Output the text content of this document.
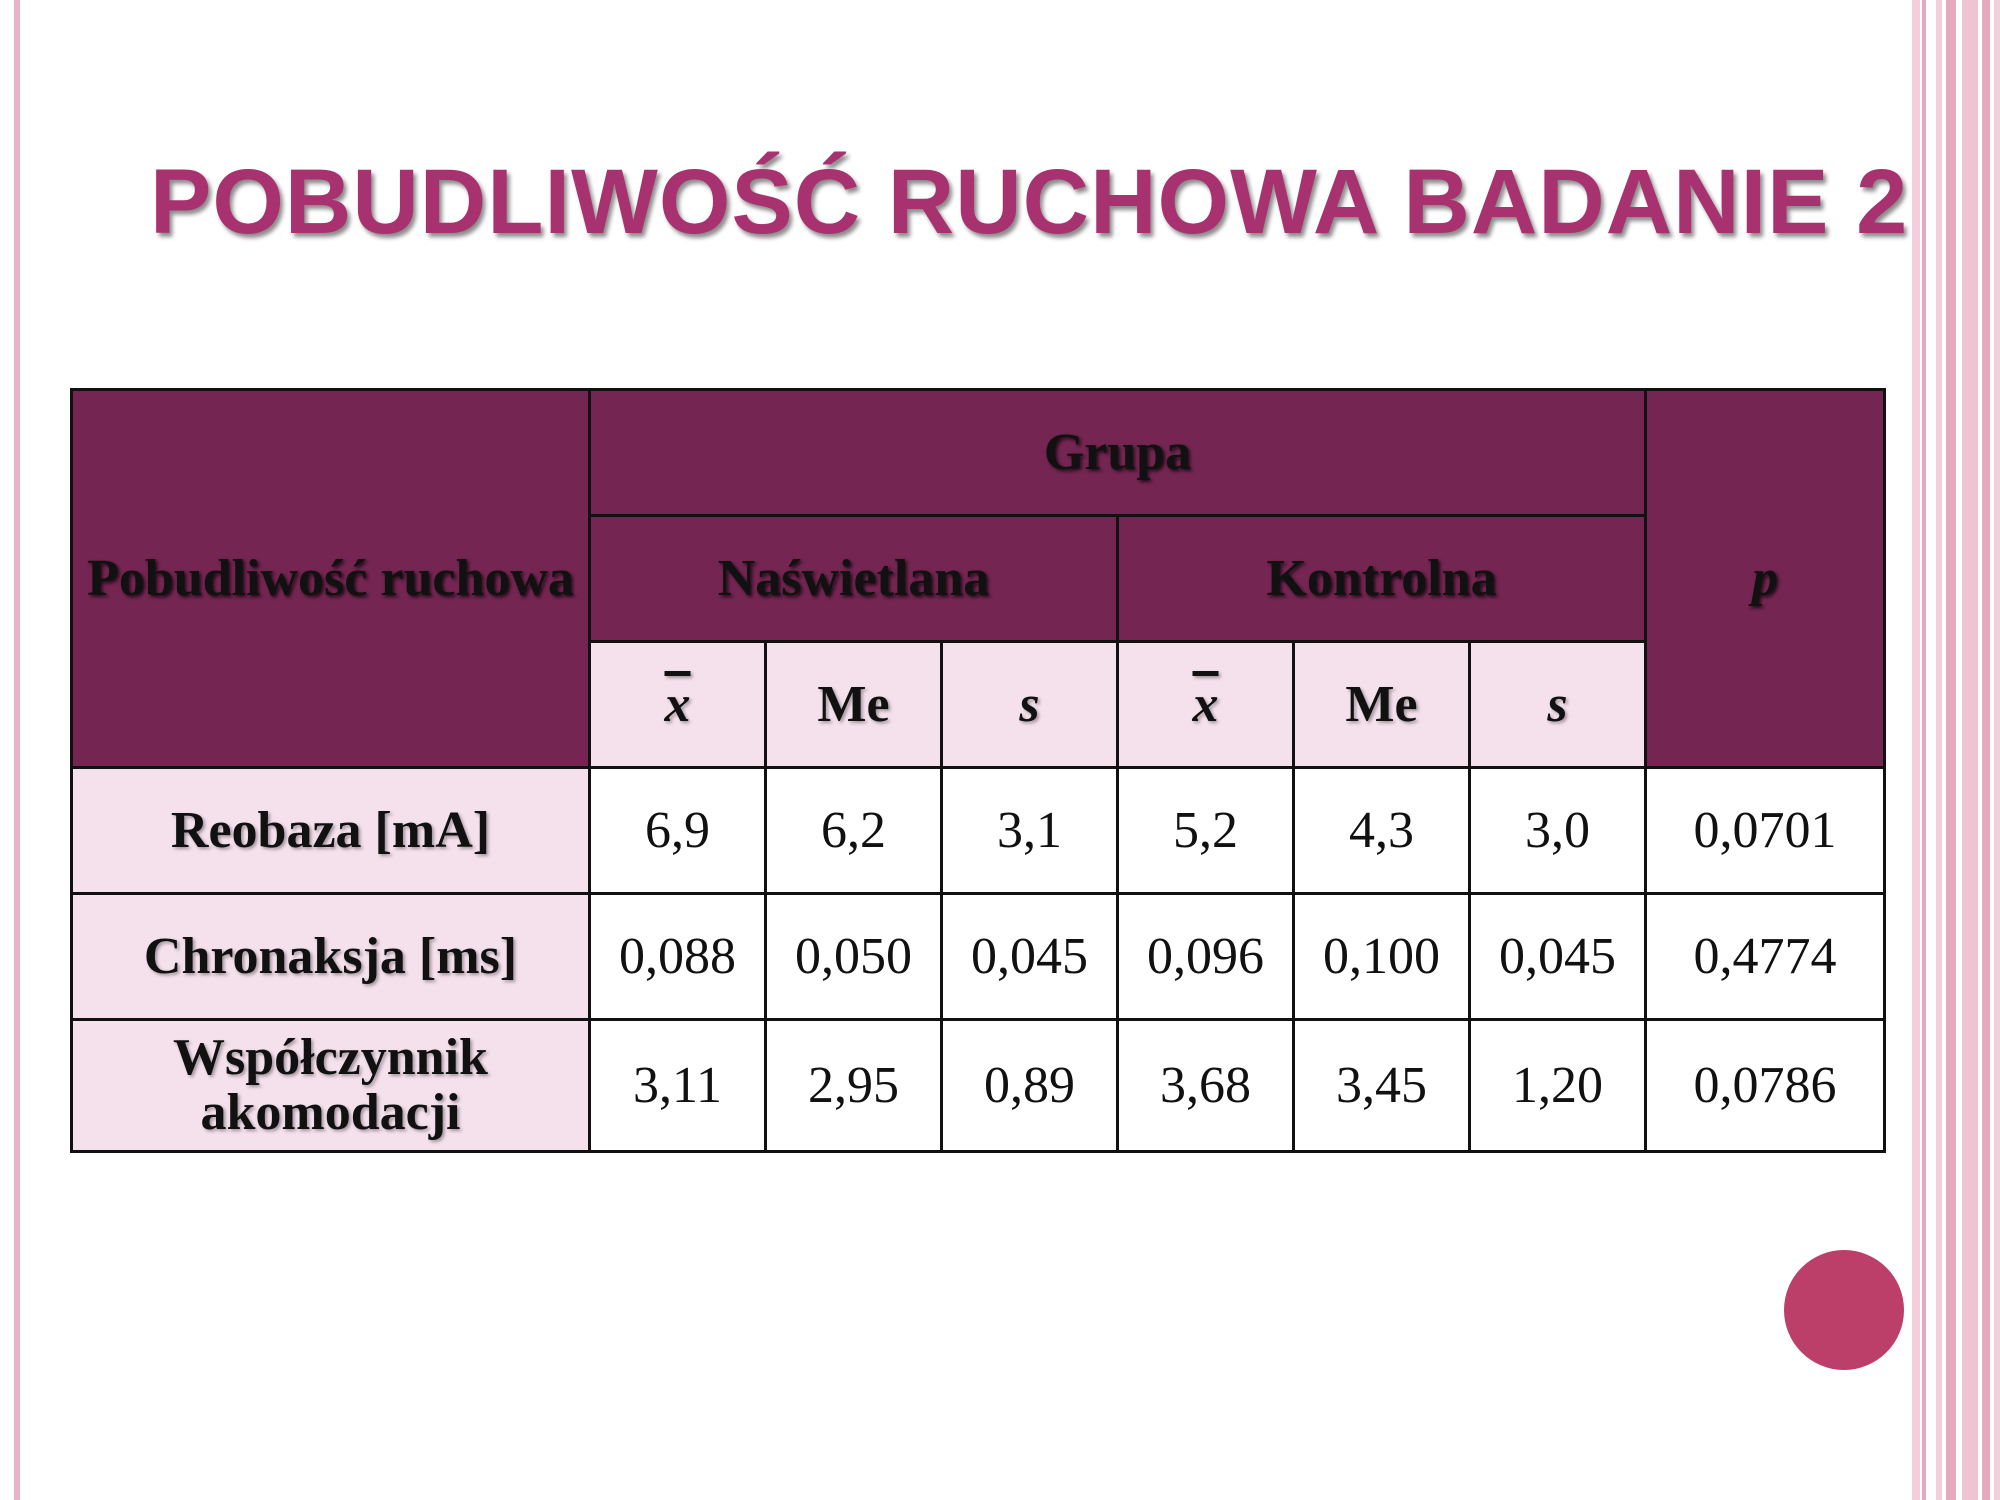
POBUDLIWOŚĆ RUCHOWA BADANIE 2
Pobudliwość ruchowa	Grupa						p
	Naświetlana			Kontrolna			
	$\overline{x}$	Me	s	$\overline{x}$	Me	s	
Reobaza [mA]	6,9	6,2	3,1	5,2	4,3	3,0	0,0701
Chronaksja [ms]	0,088	0,050	0,045	0,096	0,100	0,045	0,4774
Współczynnik akomodacji	3,11	2,95	0,89	3,68	3,45	1,20	0,0786
